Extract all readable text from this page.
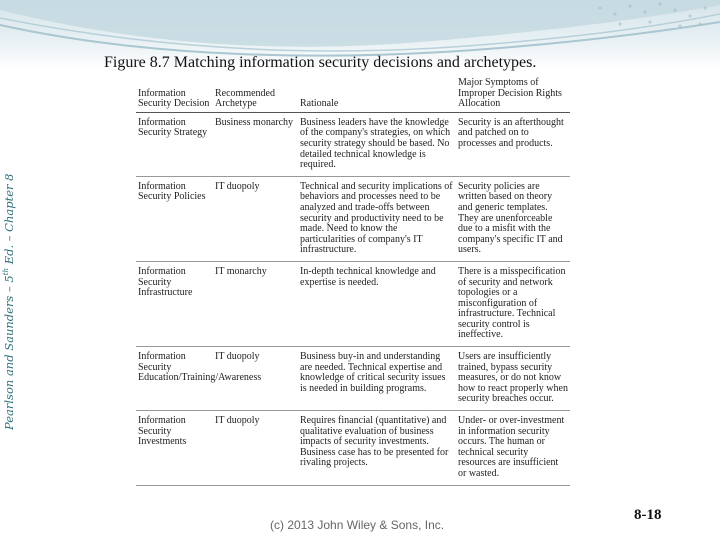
Pearlson and Saunders – 5th Ed. – Chapter 8
Figure 8.7 Matching information security decisions and archetypes.
Information Security Decision	Recommended Archetype	Rationale	Major Symptoms of Improper Decision Rights Allocation
Information Security Strategy	Business monarchy	Business leaders have the knowledge of the company's strategies, on which security strategy should be based. No detailed technical knowledge is required.	Security is an afterthought and patched on to processes and products.
Information Security Policies	IT duopoly	Technical and security implications of behaviors and processes need to be analyzed and trade-offs between security and productivity need to be made. Need to know the particularities of company's IT infrastructure.	Security policies are written based on theory and generic templates. They are unenforceable due to a misfit with the company's specific IT and users.
Information Security Infrastructure	IT monarchy	In-depth technical knowledge and expertise is needed.	There is a misspecification of security and network topologies or a misconfiguration of infrastructure. Technical security control is ineffective.
Information Security Education/Training/Awareness	IT duopoly	Business buy-in and understanding are needed. Technical expertise and knowledge of critical security issues is needed in building programs.	Users are insufficiently trained, bypass security measures, or do not know how to react properly when security breaches occur.
Information Security Investments	IT duopoly	Requires financial (quantitative) and qualitative evaluation of business impacts of security investments. Business case has to be presented for rivaling projects.	Under- or over-investment in information security occurs. The human or technical security resources are insufficient or wasted.
(c) 2013 John Wiley & Sons, Inc.
8-18
